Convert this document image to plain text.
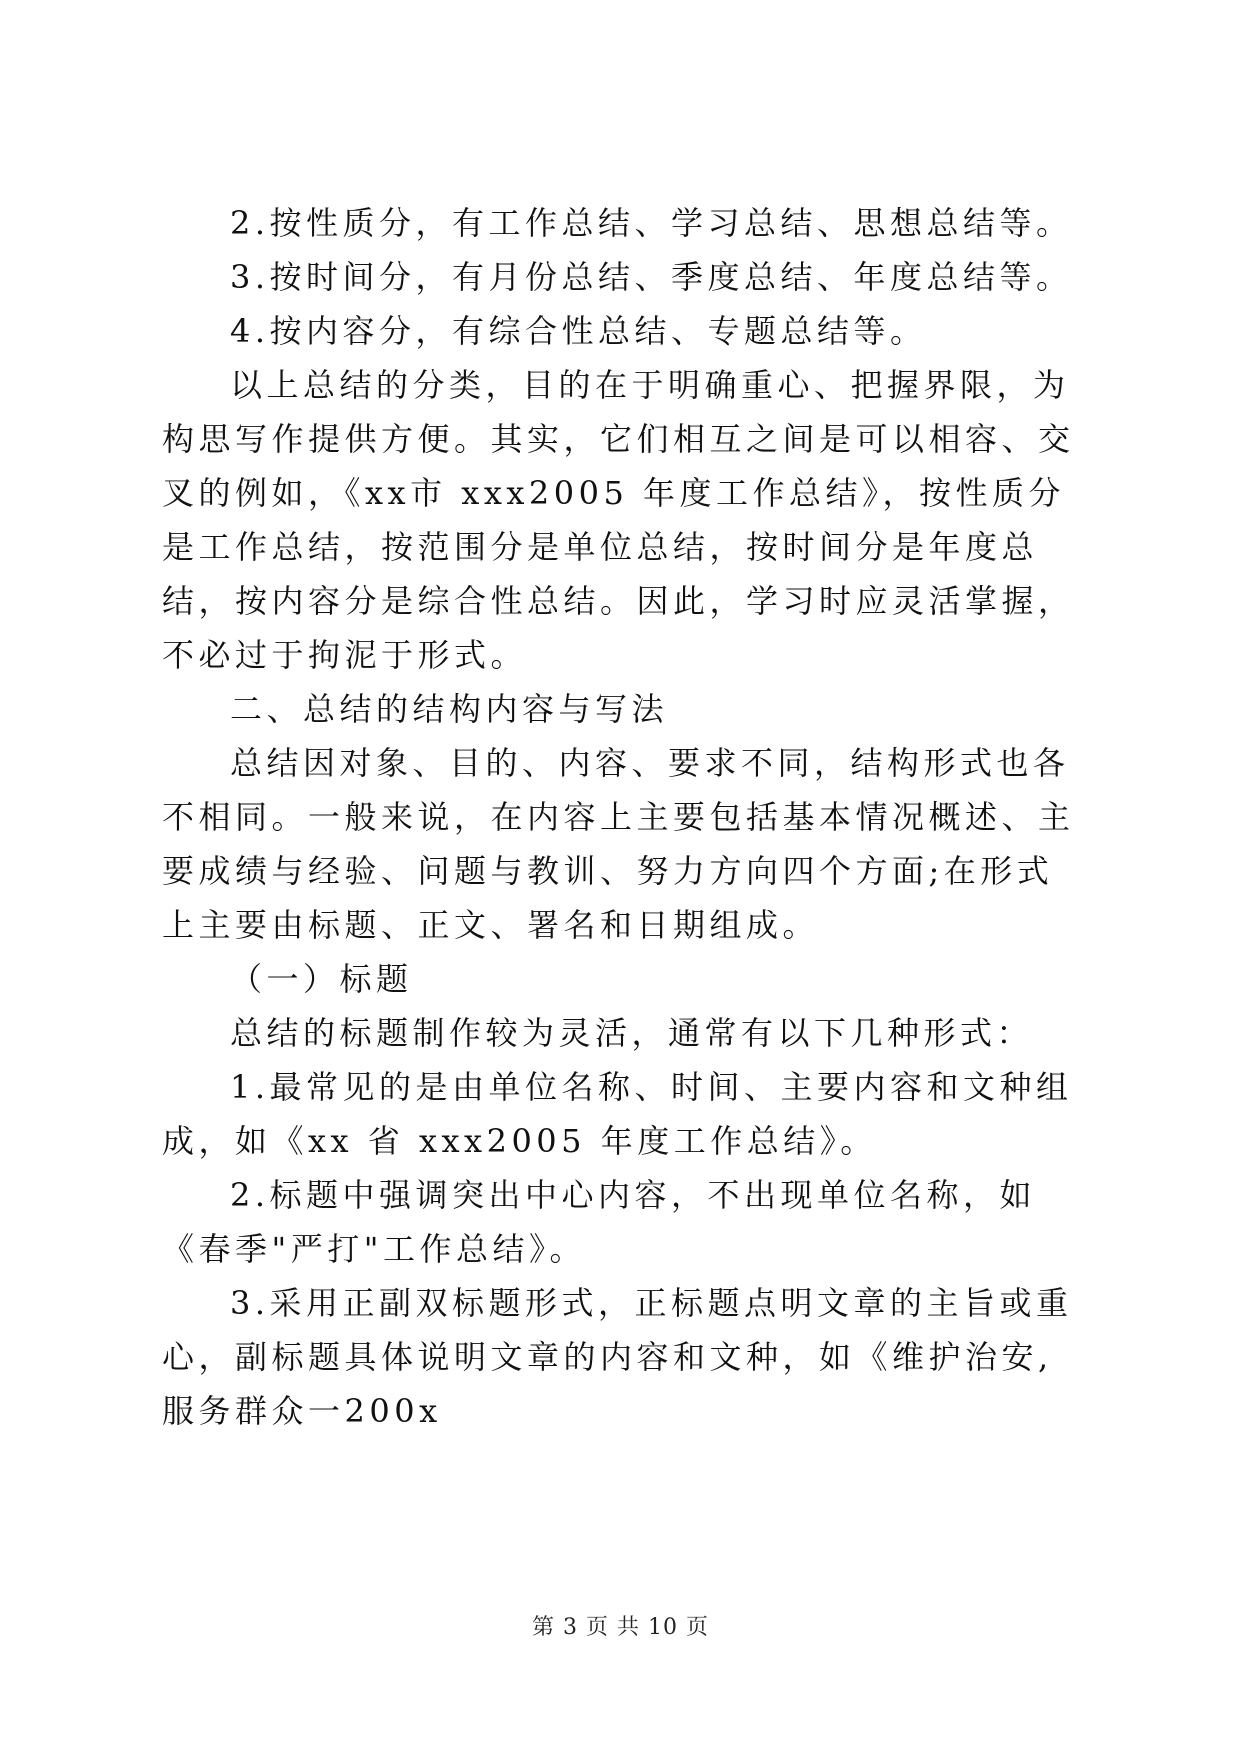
2.按性质分，有工作总结、学习总结、思想总结等。

3.按时间分，有月份总结、季度总结、年度总结等。

4.按内容分，有综合性总结、专题总结等。

以上总结的分类，目的在于明确重心、把握界限，为构思写作提供方便。其实，它们相互之间是可以相容、交叉的例如，《xx市 xxx2005 年度工作总结》，按性质分是工作总结，按范围分是单位总结，按时间分是年度总结，按内容分是综合性总结。因此，学习时应灵活掌握，不必过于拘泥于形式。

二、总结的结构内容与写法

总结因对象、目的、内容、要求不同，结构形式也各不相同。一般来说，在内容上主要包括基本情况概述、主要成绩与经验、问题与教训、努力方向四个方面;在形式上主要由标题、正文、署名和日期组成。

（一）标题

总结的标题制作较为灵活，通常有以下几种形式：

1.最常见的是由单位名称、时间、主要内容和文种组成，如《xx 省 xxx2005 年度工作总结》。

2.标题中强调突出中心内容，不出现单位名称，如《春季"严打"工作总结》。

3.采用正副双标题形式，正标题点明文章的主旨或重心，副标题具体说明文章的内容和文种，如《维护治安,服务群众一200x

第 3 页 共 10 页
